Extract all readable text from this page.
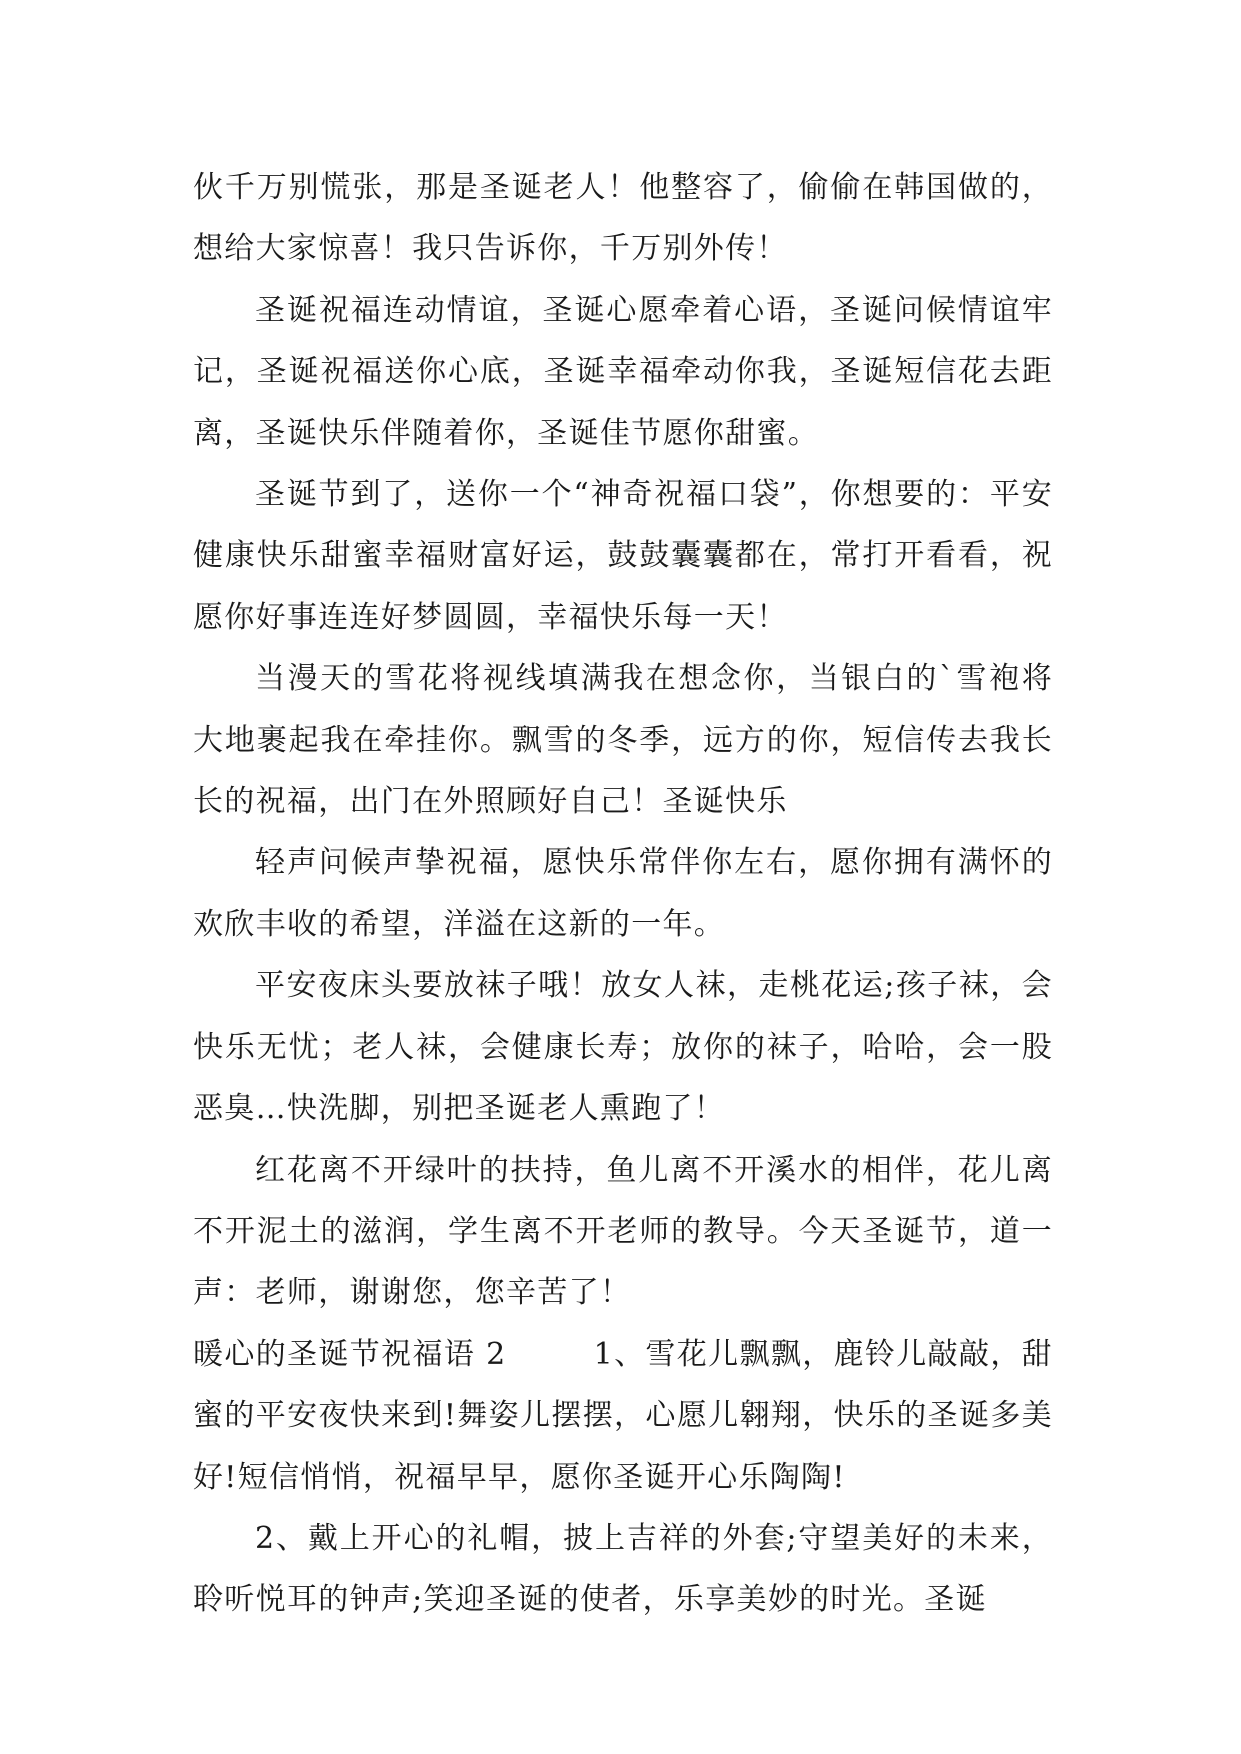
伙千万别慌张，那是圣诞老人！他整容了，偷偷在韩国做的，想给大家惊喜！我只告诉你，千万别外传！

圣诞祝福连动情谊，圣诞心愿牵着心语，圣诞问候情谊牢记，圣诞祝福送你心底，圣诞幸福牵动你我，圣诞短信花去距离，圣诞快乐伴随着你，圣诞佳节愿你甜蜜。

圣诞节到了，送你一个“神奇祝福口袋”，你想要的：平安健康快乐甜蜜幸福财富好运，鼓鼓囊囊都在，常打开看看，祝愿你好事连连好梦圆圆，幸福快乐每一天！

当漫天的雪花将视线填满我在想念你，当银白的`雪袍将大地裹起我在牵挂你。飘雪的冬季，远方的你，短信传去我长长的祝福，出门在外照顾好自己！圣诞快乐

轻声问候声挚祝福，愿快乐常伴你左右，愿你拥有满怀的欢欣丰收的希望，洋溢在这新的一年。

平安夜床头要放袜子哦！放女人袜，走桃花运;孩子袜，会快乐无忧；老人袜，会健康长寿；放你的袜子，哈哈，会一股恶臭…快洗脚，别把圣诞老人熏跑了！

红花离不开绿叶的扶持，鱼儿离不开溪水的相伴，花儿离不开泥土的滋润，学生离不开老师的教导。今天圣诞节，道一声：老师，谢谢您，您辛苦了！

暖心的圣诞节祝福语 2	1、雪花儿飘飘，鹿铃儿敲敲，甜蜜的平安夜快来到!舞姿儿摆摆，心愿儿翱翔，快乐的圣诞多美好!短信悄悄，祝福早早，愿你圣诞开心乐陶陶!

2、戴上开心的礼帽，披上吉祥的外套;守望美好的未来，聆听悦耳的钟声;笑迎圣诞的使者，乐享美妙的时光。圣诞
